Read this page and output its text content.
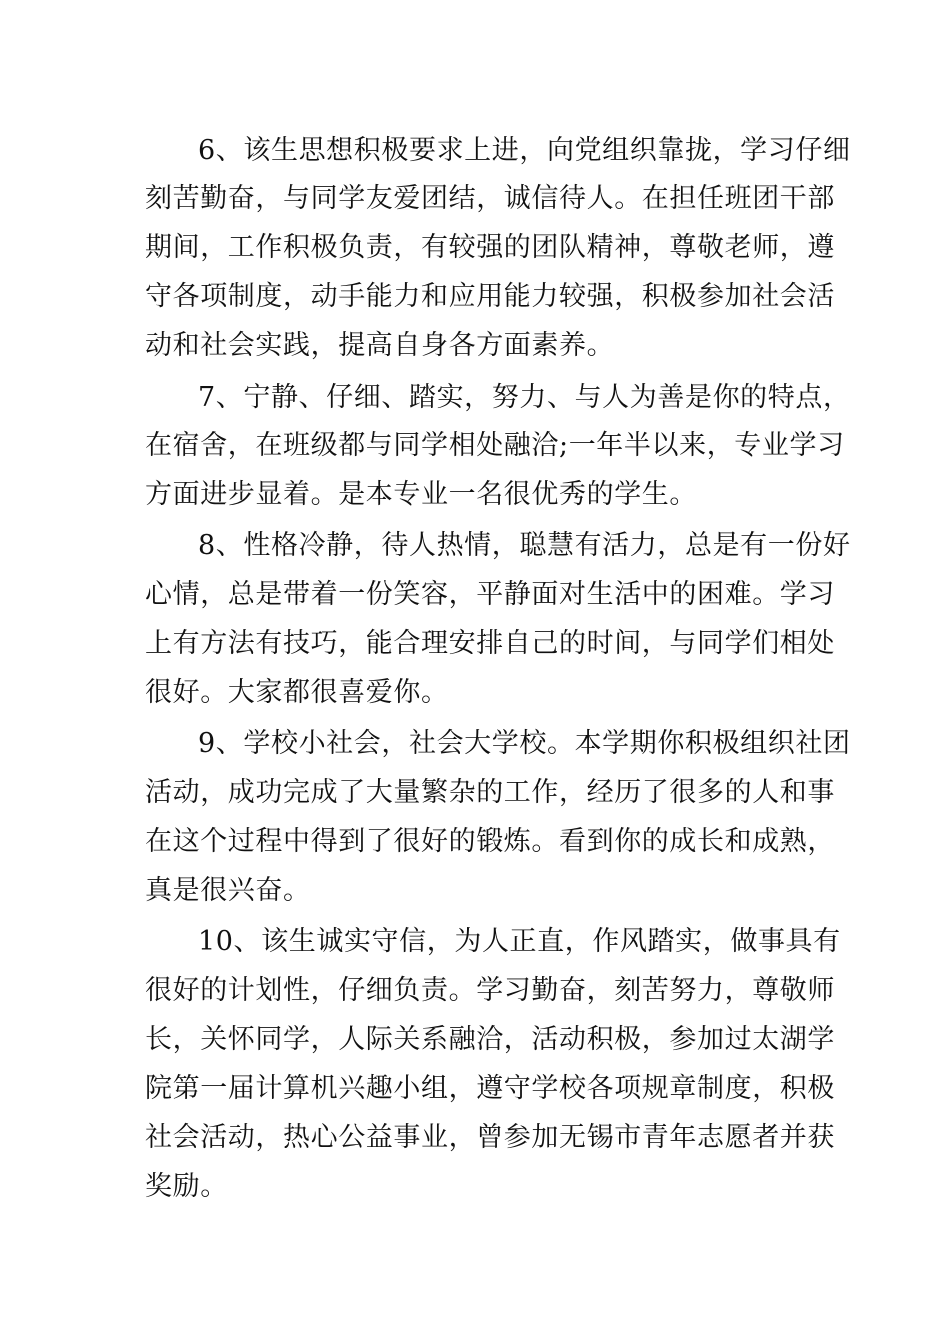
6、该生思想积极要求上进，向党组织靠拢，学习仔细
刻苦勤奋，与同学友爱团结，诚信待人。在担任班团干部
期间，工作积极负责，有较强的团队精神，尊敬老师，遵
守各项制度，动手能力和应用能力较强，积极参加社会活
动和社会实践，提高自身各方面素养。
7、宁静、仔细、踏实，努力、与人为善是你的特点，
在宿舍，在班级都与同学相处融洽;一年半以来，专业学习
方面进步显着。是本专业一名很优秀的学生。
8、性格冷静，待人热情，聪慧有活力，总是有一份好
心情，总是带着一份笑容，平静面对生活中的困难。学习
上有方法有技巧，能合理安排自己的时间，与同学们相处
很好。大家都很喜爱你。
9、学校小社会，社会大学校。本学期你积极组织社团
活动，成功完成了大量繁杂的工作，经历了很多的人和事
在这个过程中得到了很好的锻炼。看到你的成长和成熟，
真是很兴奋。
10、该生诚实守信，为人正直，作风踏实，做事具有
很好的计划性，仔细负责。学习勤奋，刻苦努力，尊敬师
长，关怀同学，人际关系融洽，活动积极，参加过太湖学
院第一届计算机兴趣小组，遵守学校各项规章制度，积极
社会活动，热心公益事业，曾参加无锡市青年志愿者并获
奖励。
